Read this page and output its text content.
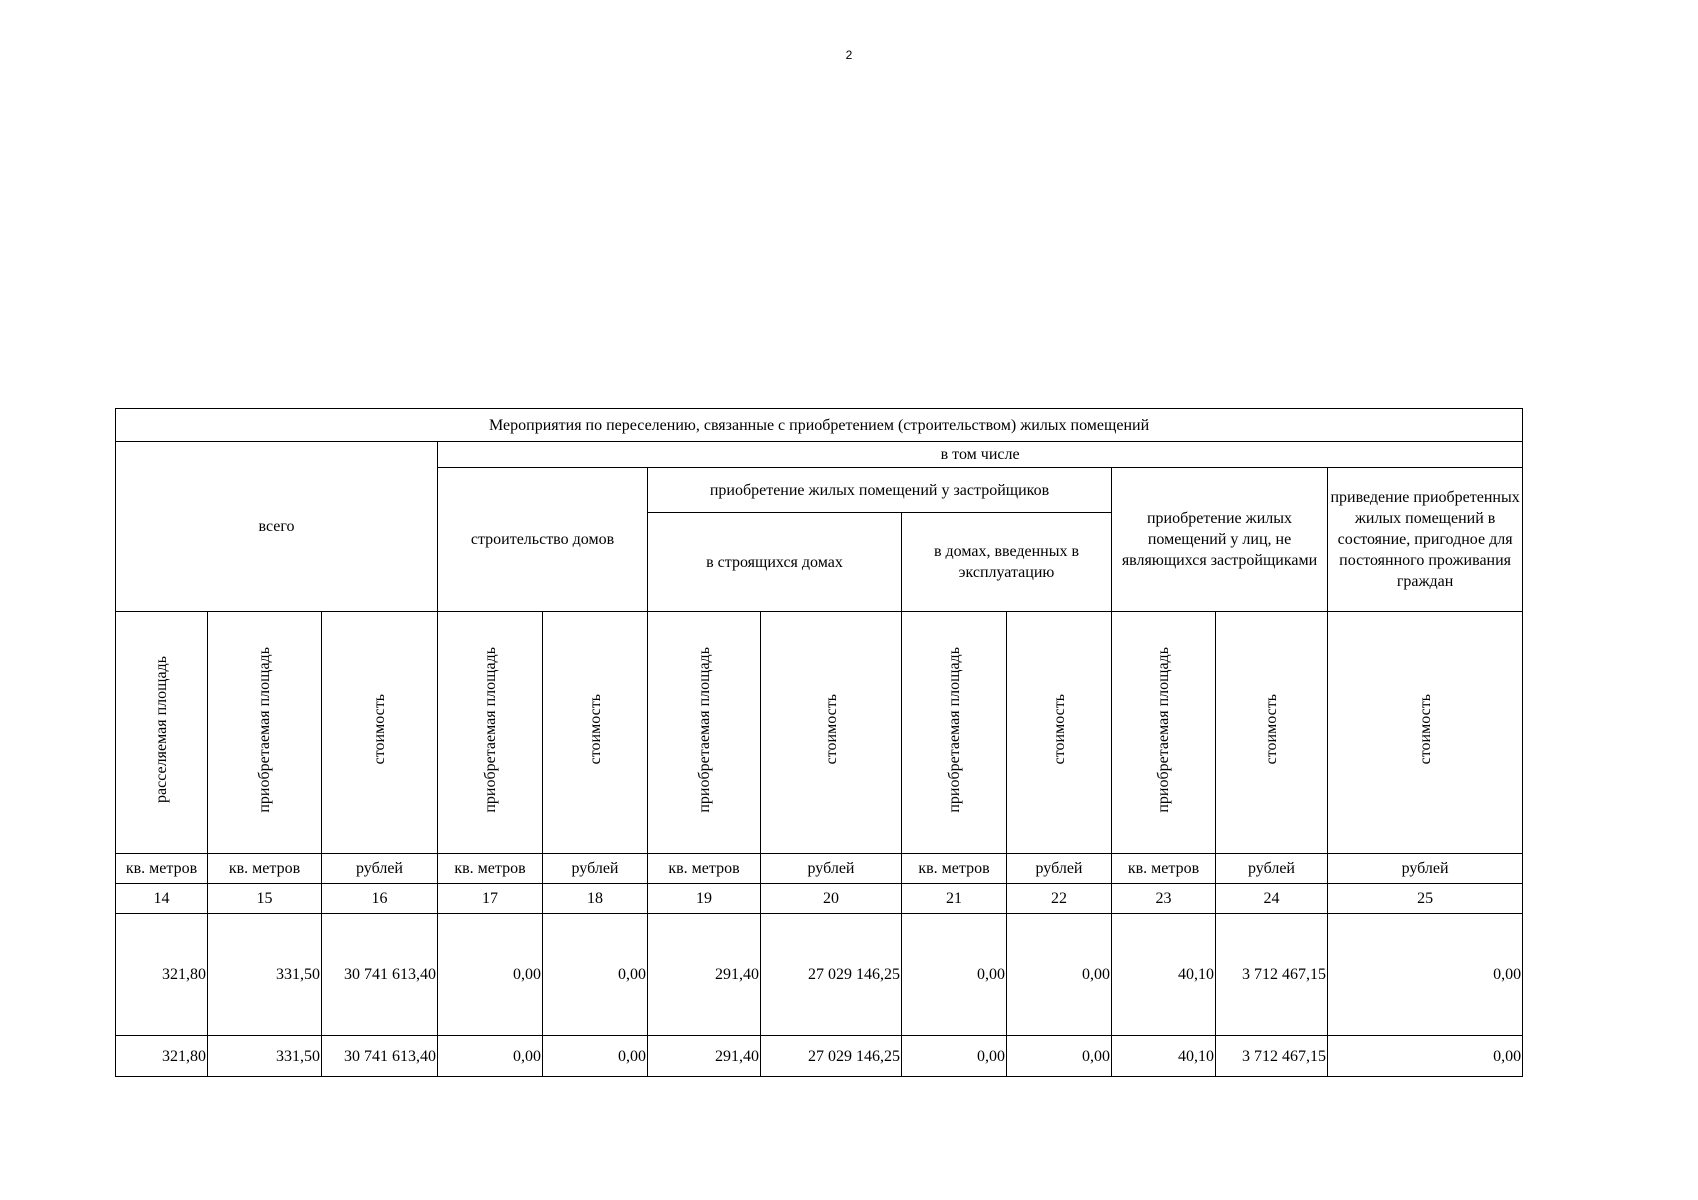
2
Мероприятия по переселению, связанные с приобретением (строительством) жилых помещений											
всего			в том числе								
			строительство домов		приобретение жилых помещений у застройщиков				приобретение жилых помещений у лиц, не являющихся застройщиками		приведение приобретенных жилых помещений в состояние, пригодное для постоянного проживания граждан
					в строящихся домах		в домах, введенных в эксплуатацию				
расселяемая площадь	приобретаемая площадь	стоимость	приобретаемая площадь	стоимость	приобретаемая площадь	стоимость	приобретаемая площадь	стоимость	приобретаемая площадь	стоимость	стоимость
кв. метров	кв. метров	рублей	кв. метров	рублей	кв. метров	рублей	кв. метров	рублей	кв. метров	рублей	рублей
14	15	16	17	18	19	20	21	22	23	24	25
321,80	331,50	30 741 613,40	0,00	0,00	291,40	27 029 146,25	0,00	0,00	40,10	3 712 467,15	0,00
321,80	331,50	30 741 613,40	0,00	0,00	291,40	27 029 146,25	0,00	0,00	40,10	3 712 467,15	0,00
